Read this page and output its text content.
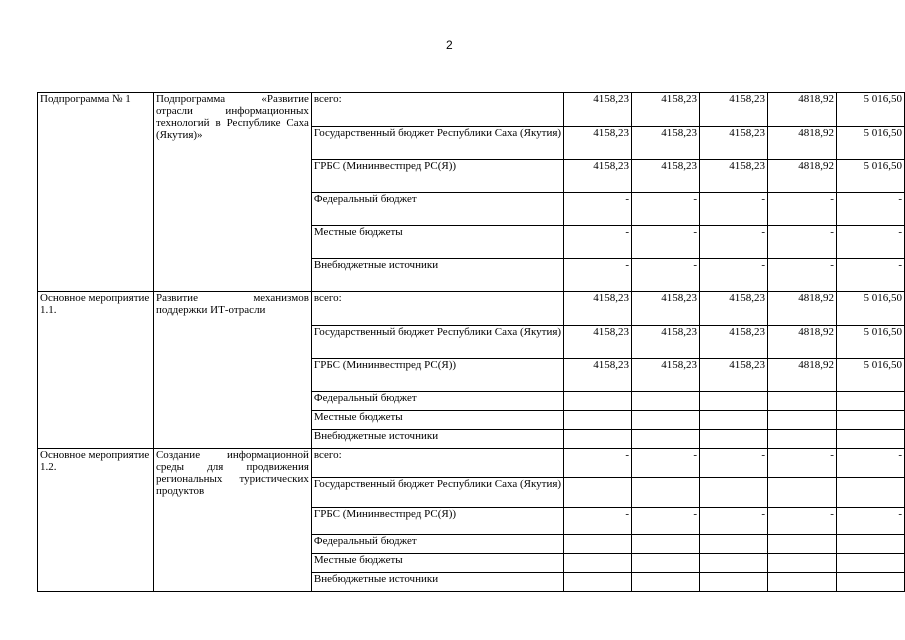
2
Подпрограмма № 1	Подпрограмма «Развитие отрасли информационных технологий в Республике Саха (Якутия)»	всего:	4158,23	4158,23	4158,23	4818,92	5 016,50
		Государственный бюджет Республики Саха (Якутия)	4158,23	4158,23	4158,23	4818,92	5 016,50
		ГРБС (Мининвестпред РС(Я))	4158,23	4158,23	4158,23	4818,92	5 016,50
		Федеральный бюджет	-	-	-	-	-
		Местные бюджеты	-	-	-	-	-
		Внебюджетные источники	-	-	-	-	-
Основное мероприятие 1.1.	Развитие механизмов поддержки ИТ-отрасли	всего:	4158,23	4158,23	4158,23	4818,92	5 016,50
		Государственный бюджет Республики Саха (Якутия)	4158,23	4158,23	4158,23	4818,92	5 016,50
		ГРБС (Мининвестпред РС(Я))	4158,23	4158,23	4158,23	4818,92	5 016,50
		Федеральный бюджет					
		Местные бюджеты					
		Внебюджетные источники					
Основное мероприятие 1.2.	Создание информационной среды для продвижения региональных туристических продуктов	всего:	-	-	-	-	-
		Государственный бюджет Республики Саха (Якутия)					
		ГРБС (Мининвестпред РС(Я))	-	-	-	-	-
		Федеральный бюджет					
		Местные бюджеты					
		Внебюджетные источники					
